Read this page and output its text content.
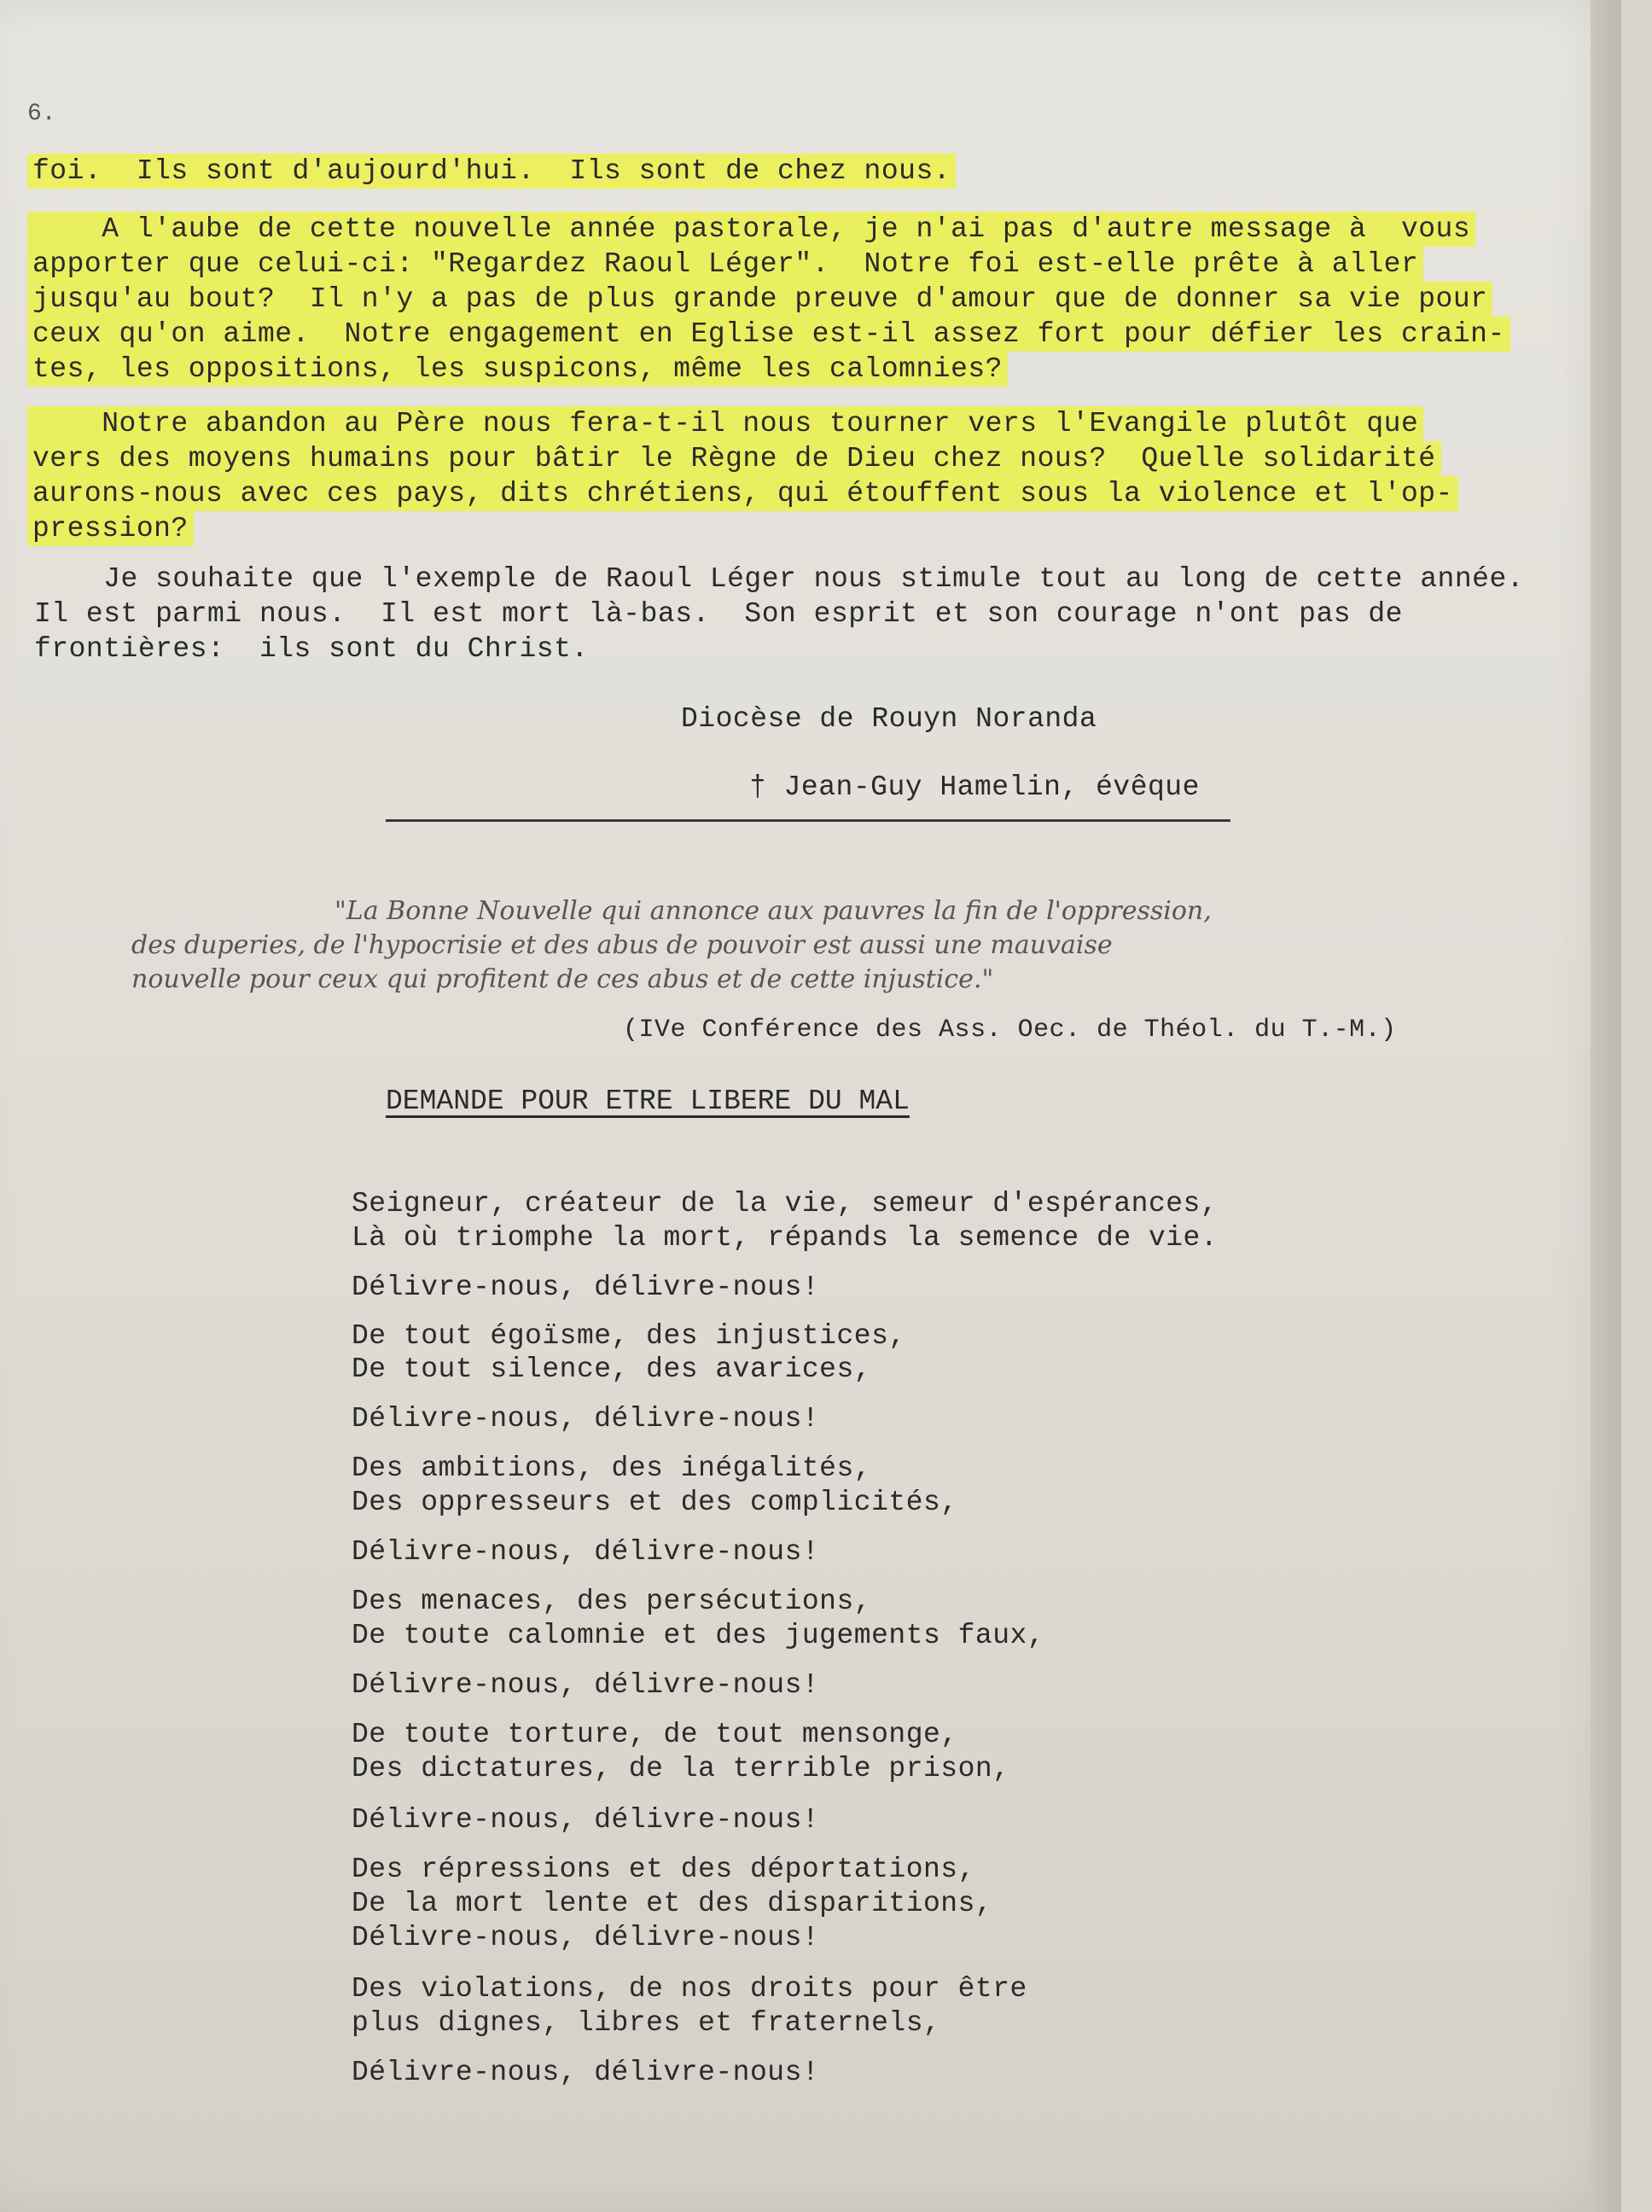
6.
foi.  Ils sont d'aujourd'hui.  Ils sont de chez nous.
A l'aube de cette nouvelle année pastorale, je n'ai pas d'autre message à  vous
apporter que celui-ci: "Regardez Raoul Léger".  Notre foi est-elle prête à aller
jusqu'au bout?  Il n'y a pas de plus grande preuve d'amour que de donner sa vie pour
ceux qu'on aime.  Notre engagement en Eglise est-il assez fort pour défier les crain-
tes, les oppositions, les suspicons, même les calomnies?
Notre abandon au Père nous fera-t-il nous tourner vers l'Evangile plutôt que
vers des moyens humains pour bâtir le Règne de Dieu chez nous?  Quelle solidarité
aurons-nous avec ces pays, dits chrétiens, qui étouffent sous la violence et l'op-
pression?
Je souhaite que l'exemple de Raoul Léger nous stimule tout au long de cette année.
Il est parmi nous.  Il est mort là-bas.  Son esprit et son courage n'ont pas de
frontières:  ils sont du Christ.
Diocèse de Rouyn Noranda
† Jean-Guy Hamelin, évêque
"La Bonne Nouvelle qui annonce aux pauvres la fin de l'oppression,
des duperies, de l'hypocrisie et des abus de pouvoir est aussi une mauvaise
nouvelle pour ceux qui profitent de ces abus et de cette injustice."
(IVe Conférence des Ass. Oec. de Théol. du T.-M.)
DEMANDE POUR ETRE LIBERE DU MAL
Seigneur, créateur de la vie, semeur d'espérances,
Là où triomphe la mort, répands la semence de vie.
Délivre-nous, délivre-nous!
De tout égoïsme, des injustices,
De tout silence, des avarices,
Délivre-nous, délivre-nous!
Des ambitions, des inégalités,
Des oppresseurs et des complicités,
Délivre-nous, délivre-nous!
Des menaces, des persécutions,
De toute calomnie et des jugements faux,
Délivre-nous, délivre-nous!
De toute torture, de tout mensonge,
Des dictatures, de la terrible prison,
Délivre-nous, délivre-nous!
Des répressions et des déportations,
De la mort lente et des disparitions,
Délivre-nous, délivre-nous!
Des violations, de nos droits pour être
plus dignes, libres et fraternels,
Délivre-nous, délivre-nous!
